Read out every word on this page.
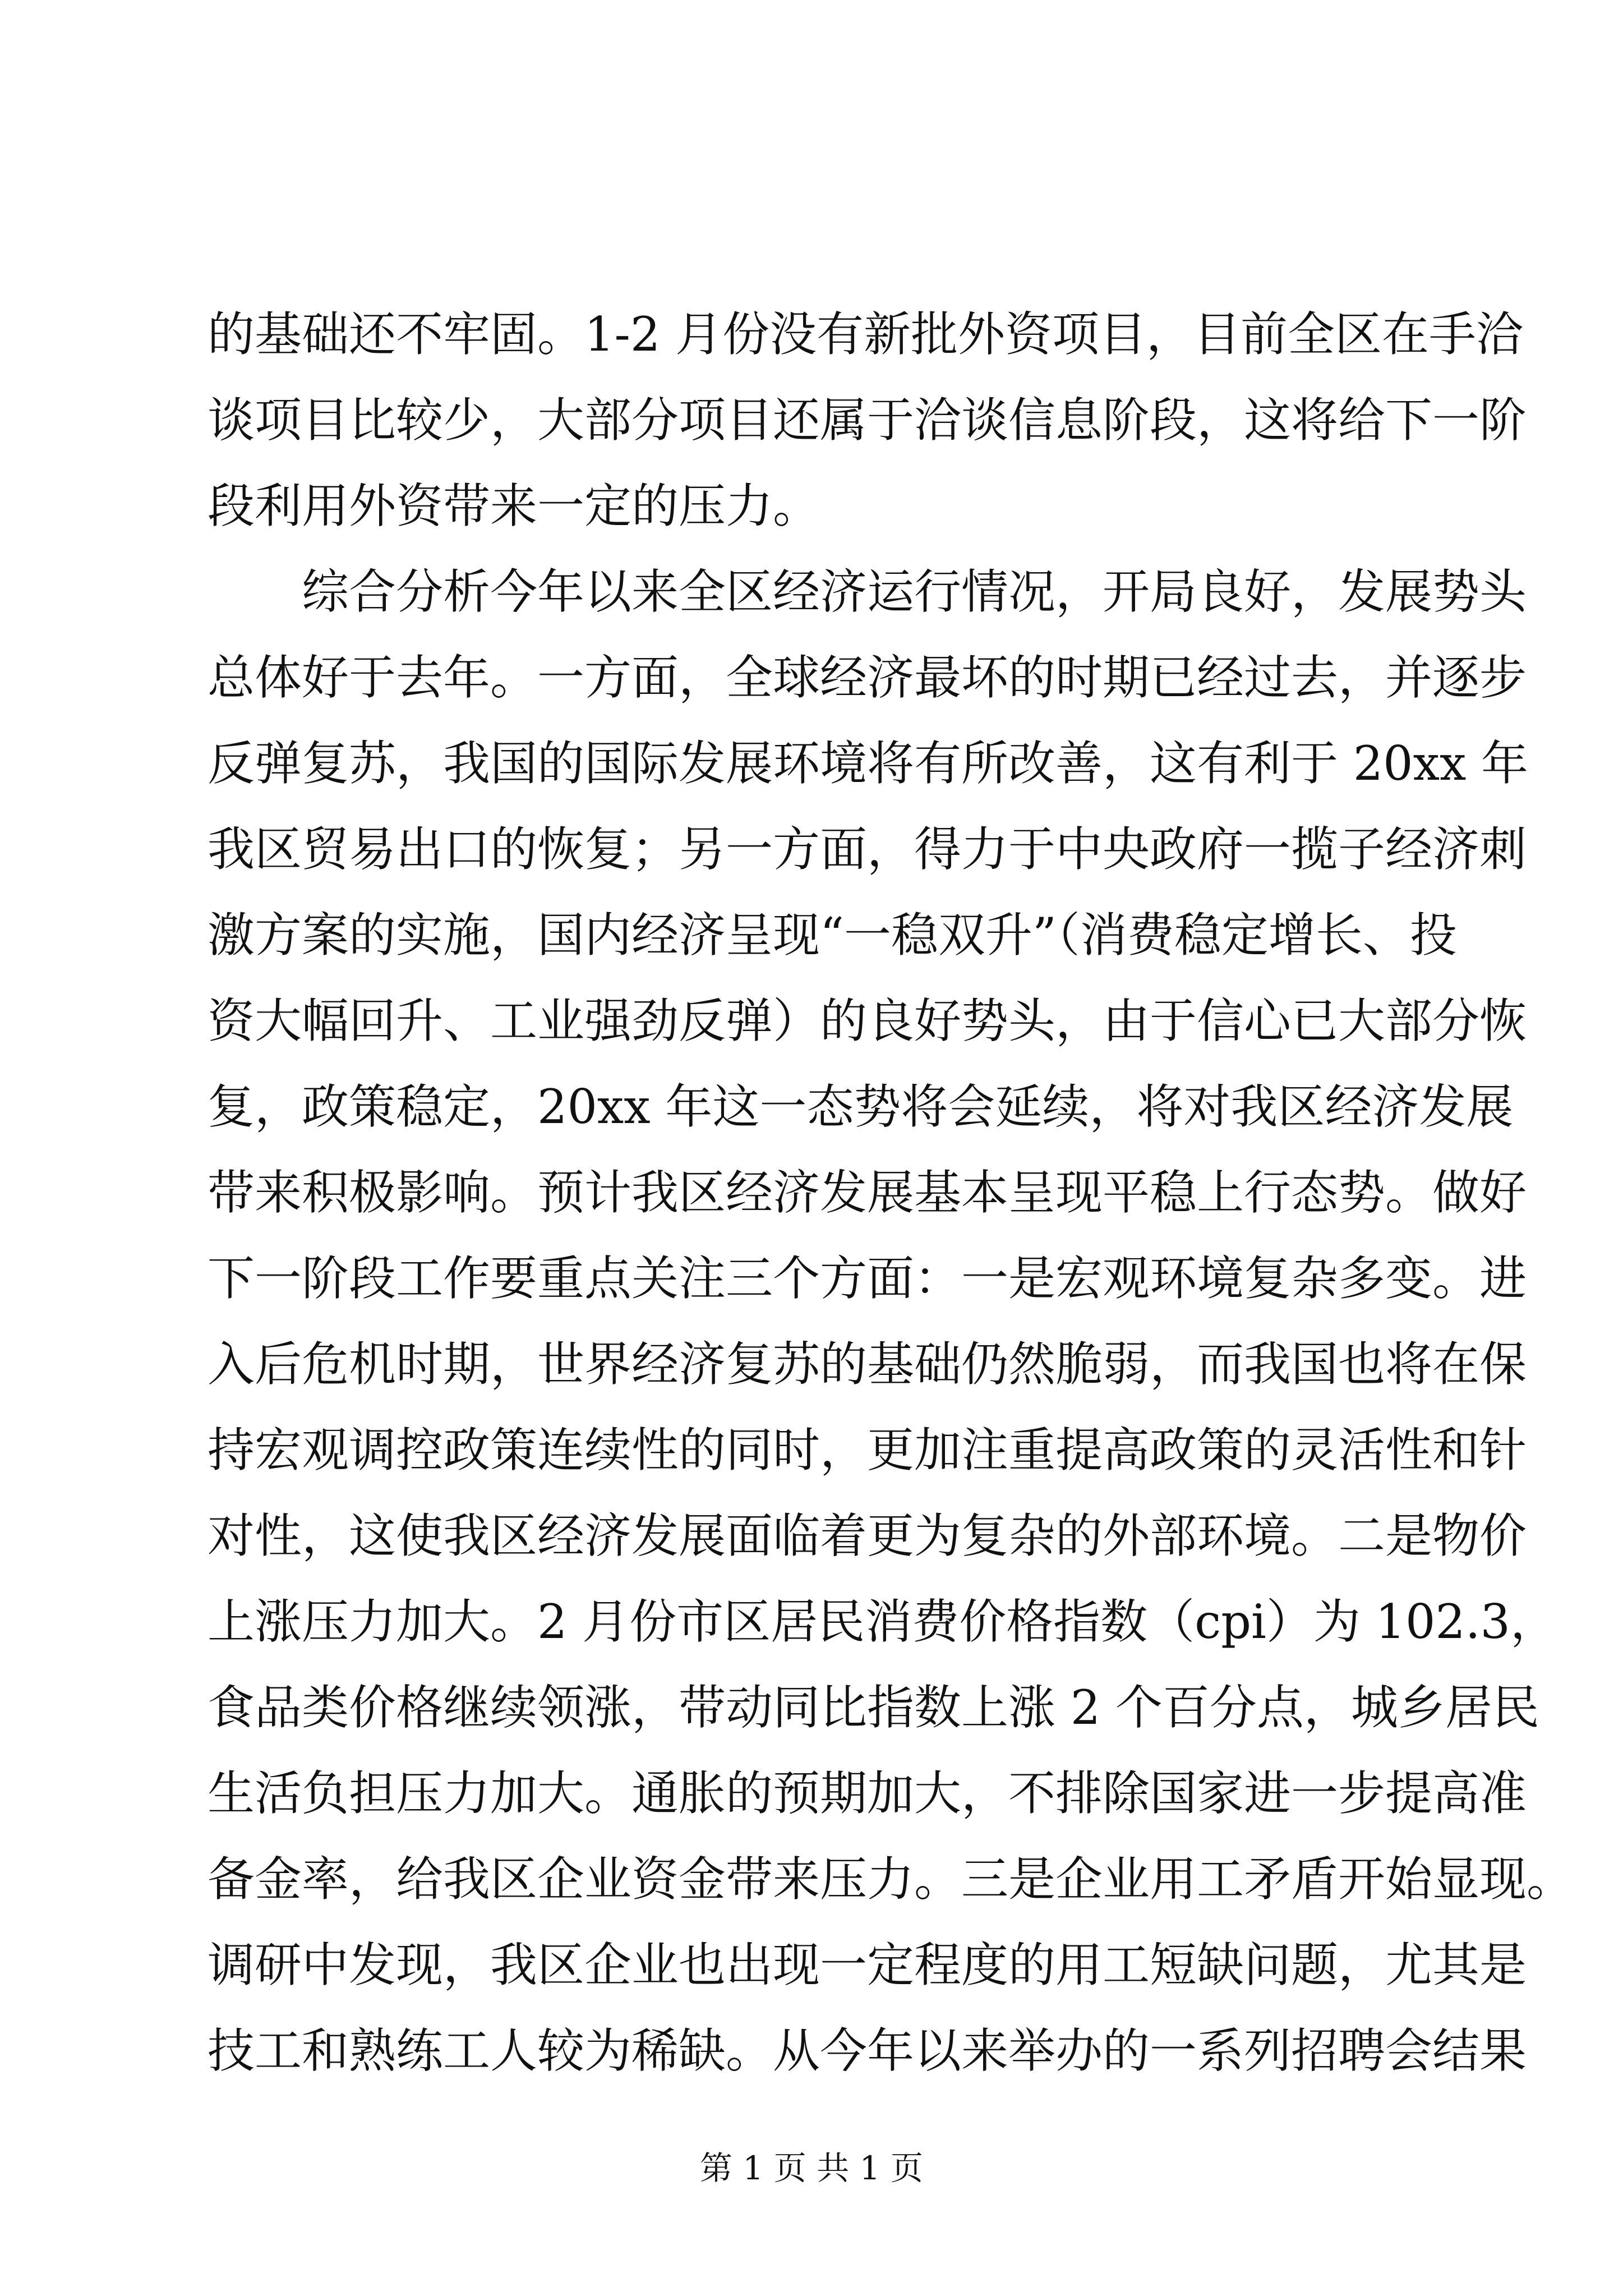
的基础还不牢固。1-2 月份没有新批外资项目，目前全区在手洽
谈项目比较少，大部分项目还属于洽谈信息阶段，这将给下一阶
段利用外资带来一定的压力。
综合分析今年以来全区经济运行情况，开局良好，发展势头
总体好于去年。一方面，全球经济最坏的时期已经过去，并逐步
反弹复苏，我国的国际发展环境将有所改善，这有利于 20xx 年
我区贸易出口的恢复；另一方面，得力于中央政府一揽子经济刺
激方案的实施，国内经济呈现“一稳双升”（消费稳定增长、投
资大幅回升、工业强劲反弹）的良好势头，由于信心已大部分恢
复，政策稳定，20xx 年这一态势将会延续，将对我区经济发展
带来积极影响。预计我区经济发展基本呈现平稳上行态势。做好
下一阶段工作要重点关注三个方面：一是宏观环境复杂多变。进
入后危机时期，世界经济复苏的基础仍然脆弱，而我国也将在保
持宏观调控政策连续性的同时，更加注重提高政策的灵活性和针
对性，这使我区经济发展面临着更为复杂的外部环境。二是物价
上涨压力加大。2 月份市区居民消费价格指数（cpi）为 102.3，
食品类价格继续领涨，带动同比指数上涨 2 个百分点，城乡居民
生活负担压力加大。通胀的预期加大，不排除国家进一步提高准
备金率，给我区企业资金带来压力。三是企业用工矛盾开始显现。
调研中发现，我区企业也出现一定程度的用工短缺问题，尤其是
技工和熟练工人较为稀缺。从今年以来举办的一系列招聘会结果
第 1 页 共 1 页
